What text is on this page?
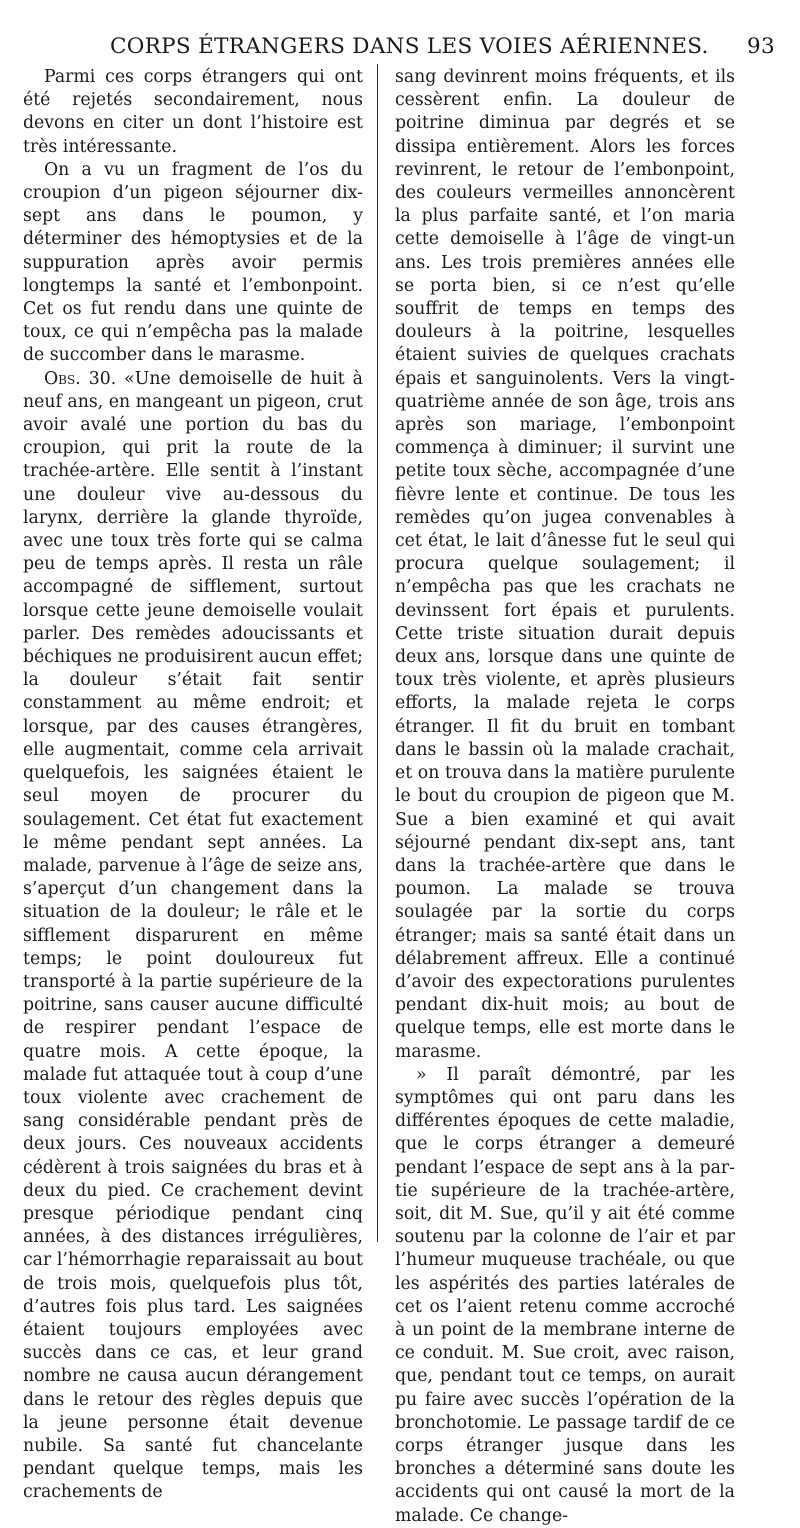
CORPS ÉTRANGERS DANS LES VOIES AÉRIENNES. 93

Parmi ces corps étrangers qui ont été rejetés secondairement, nous devons en citer un dont l’histoire est très intéressante.

On a vu un fragment de l’os du croupion d’un pigeon séjourner dix-sept ans dans le poumon, y déterminer des hémoptysies et de la suppuration après avoir permis longtemps la santé et l’embonpoint. Cet os fut rendu dans une quinte de toux, ce qui n’empêcha pas la malade de succomber dans le marasme.

Obs. 30. «Une demoiselle de huit à neuf ans, en mangeant un pigeon, crut avoir avalé une portion du bas du croupion, qui prit la route de la trachée-artère. Elle sentit à l’instant une douleur vive au-dessous du larynx, derrière la glande thyroïde, avec une toux très forte qui se calma peu de temps après. Il resta un râle accompagné de sifflement, surtout lorsque cette jeune demoiselle voulait parler. Des remèdes adoucissants et béchiques ne produisirent aucun effet; la douleur s’était fait sentir constamment au même endroit; et lorsque, par des causes étrangères, elle augmentait, comme cela arrivait quelquefois, les saignées étaient le seul moyen de procurer du soulagement. Cet état fut exactement le même pendant sept années. La malade, parvenue à l’âge de seize ans, s’aperçut d’un changement dans la situation de la douleur; le râle et le sifflement disparurent en même temps; le point douloureux fut transporté à la partie supérieure de la poitrine, sans causer aucune difficulté de respirer pendant l’espace de quatre mois. A cette époque, la malade fut attaquée tout à coup d’une toux violente avec crachement de sang considérable pendant près de deux jours. Ces nouveaux accidents cédèrent à trois saignées du bras et à deux du pied. Ce crachement devint presque périodique pendant cinq années, à des distances irrégulières, car l’hémorrhagie reparaissait au bout de trois mois, quelquefois plus tôt, d’autres fois plus tard. Les saignées étaient toujours employées avec succès dans ce cas, et leur grand nombre ne causa aucun dérangement dans le retour des règles depuis que la jeune personne était devenue nubile. Sa santé fut chancelante pendant quelque temps, mais les crachements de

sang devinrent moins fréquents, et ils cessèrent enfin. La douleur de poitrine diminua par degrés et se dissipa entièrement. Alors les forces revinrent, le retour de l’embonpoint, des couleurs vermeilles annoncèrent la plus parfaite santé, et l’on maria cette demoiselle à l’âge de vingt-un ans. Les trois premières années elle se porta bien, si ce n’est qu’elle souffrit de temps en temps des douleurs à la poitrine, lesquelles étaient suivies de quelques crachats épais et sanguinolents. Vers la vingt-quatrième année de son âge, trois ans après son mariage, l’embonpoint commença à diminuer; il survint une petite toux sèche, accompagnée d’une fièvre lente et continue. De tous les remèdes qu’on jugea convenables à cet état, le lait d’ânesse fut le seul qui procura quelque soulagement; il n’empêcha pas que les crachats ne devinssent fort épais et purulents. Cette triste situation durait depuis deux ans, lorsque dans une quinte de toux très violente, et après plusieurs efforts, la malade rejeta le corps étranger. Il fit du bruit en tombant dans le bassin où la malade crachait, et on trouva dans la matière purulente le bout du croupion de pigeon que M. Sue a bien examiné et qui avait séjourné pendant dix-sept ans, tant dans la trachée-artère que dans le poumon. La malade se trouva soulagée par la sortie du corps étranger; mais sa santé était dans un délabrement affreux. Elle a continué d’avoir des expectorations purulentes pendant dix-huit mois; au bout de quelque temps, elle est morte dans le marasme.

» Il paraît démontré, par les symptômes qui ont paru dans les différentes époques de cette maladie, que le corps étranger a demeuré pendant l’espace de sept ans à la partie supérieure de la trachée-artère, soit, dit M. Sue, qu’il y ait été comme soutenu par la colonne de l’air et par l’humeur muqueuse trachéale, ou que les aspérités des parties latérales de cet os l’aient retenu comme accroché à un point de la membrane interne de ce conduit. M. Sue croit, avec raison, que, pendant tout ce temps, on aurait pu faire avec succès l’opération de la bronchotomie. Le passage tardif de ce corps étranger jusque dans les bronches a déterminé sans doute les accidents qui ont causé la mort de la malade. Ce change-
